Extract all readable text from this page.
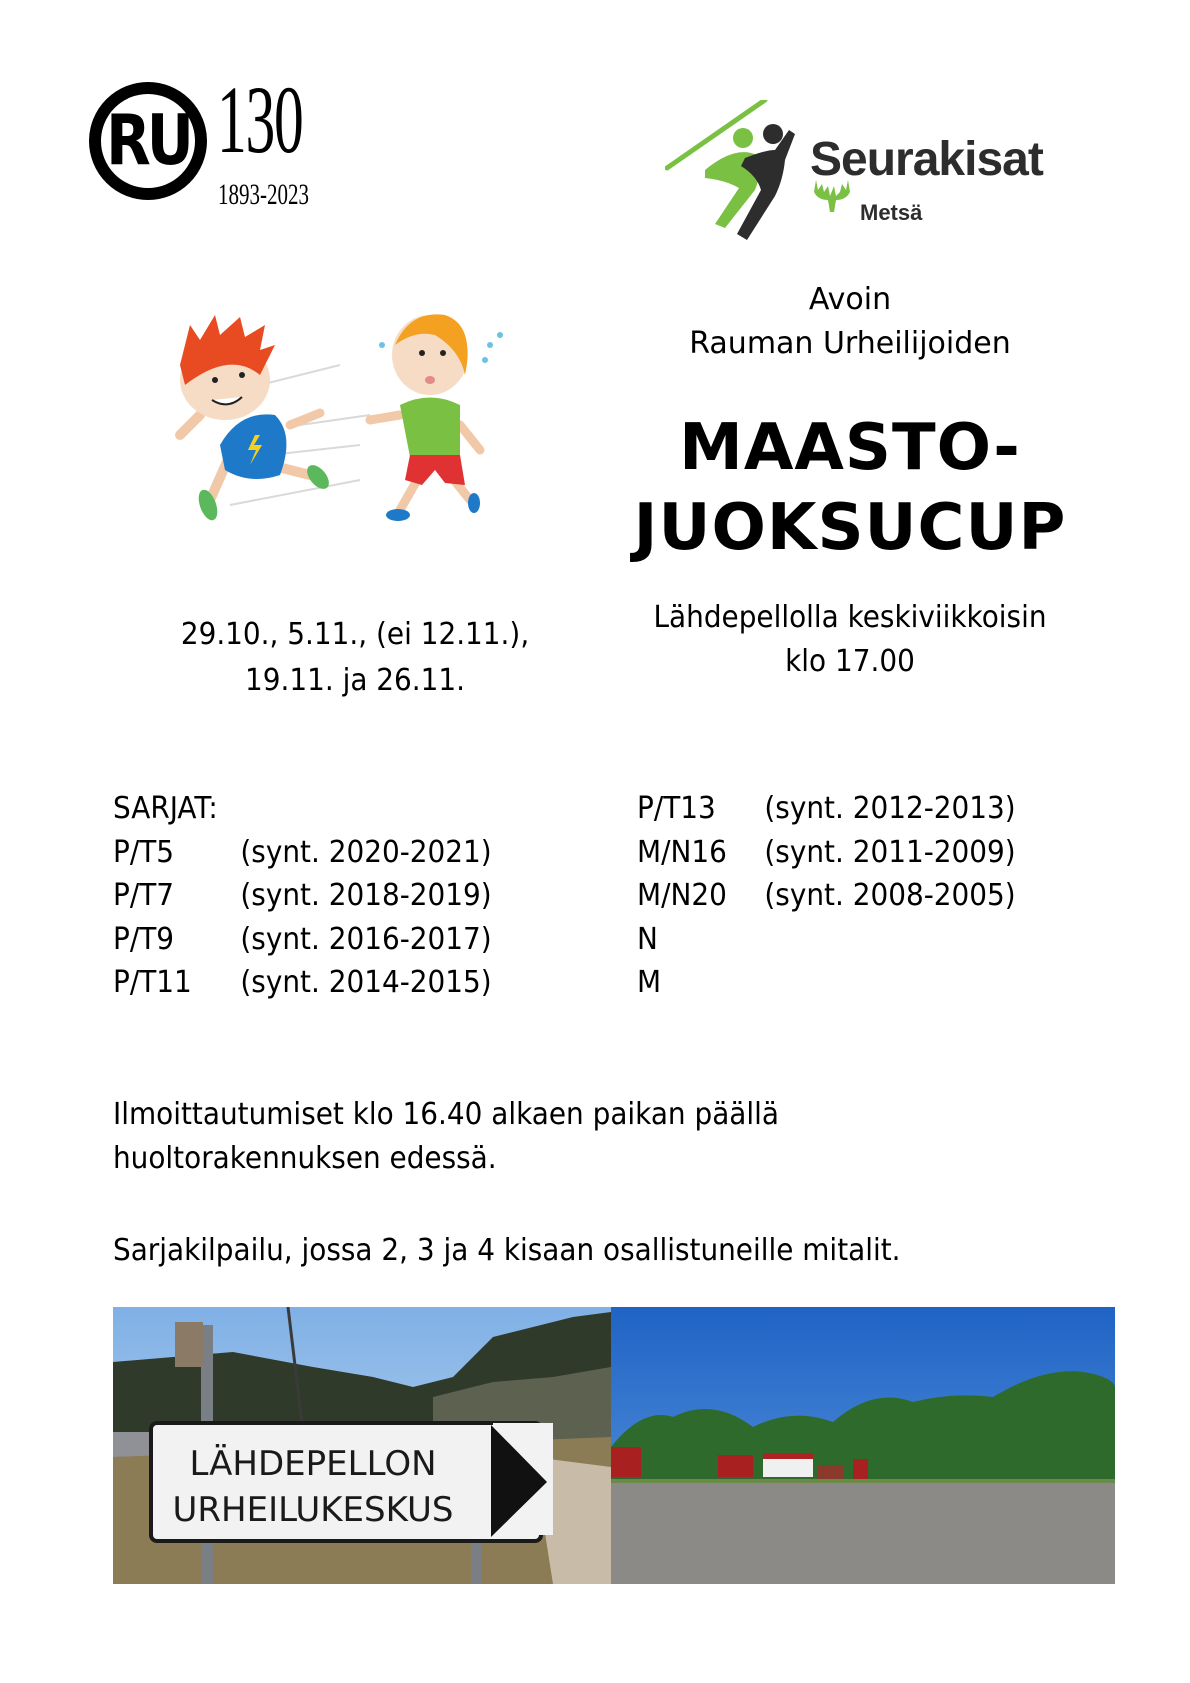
RU 130
1893-2023
Seurakisat
Metsä
Avoin
Rauman Urheilijoiden
MAASTO-
JUOKSUCUP
29.10., 5.11., (ei 12.11.),
19.11. ja 26.11.
Lähdepellolla keskiviikkoisin
klo 17.00
SARJAT:
P/T5 (synt. 2020-2021)
P/T7 (synt. 2018-2019)
P/T9 (synt. 2016-2017)
P/T11 (synt. 2014-2015)
P/T13 (synt. 2012-2013)
M/N16 (synt. 2011-2009)
M/N20 (synt. 2008-2005)
N
M
Ilmoittautumiset klo 16.40 alkaen paikan päällä
huoltorakennuksen edessä.
Sarjakilpailu, jossa 2, 3 ja 4 kisaan osallistuneille mitalit.
LÄHDEPELLON
URHEILUKESKUS
